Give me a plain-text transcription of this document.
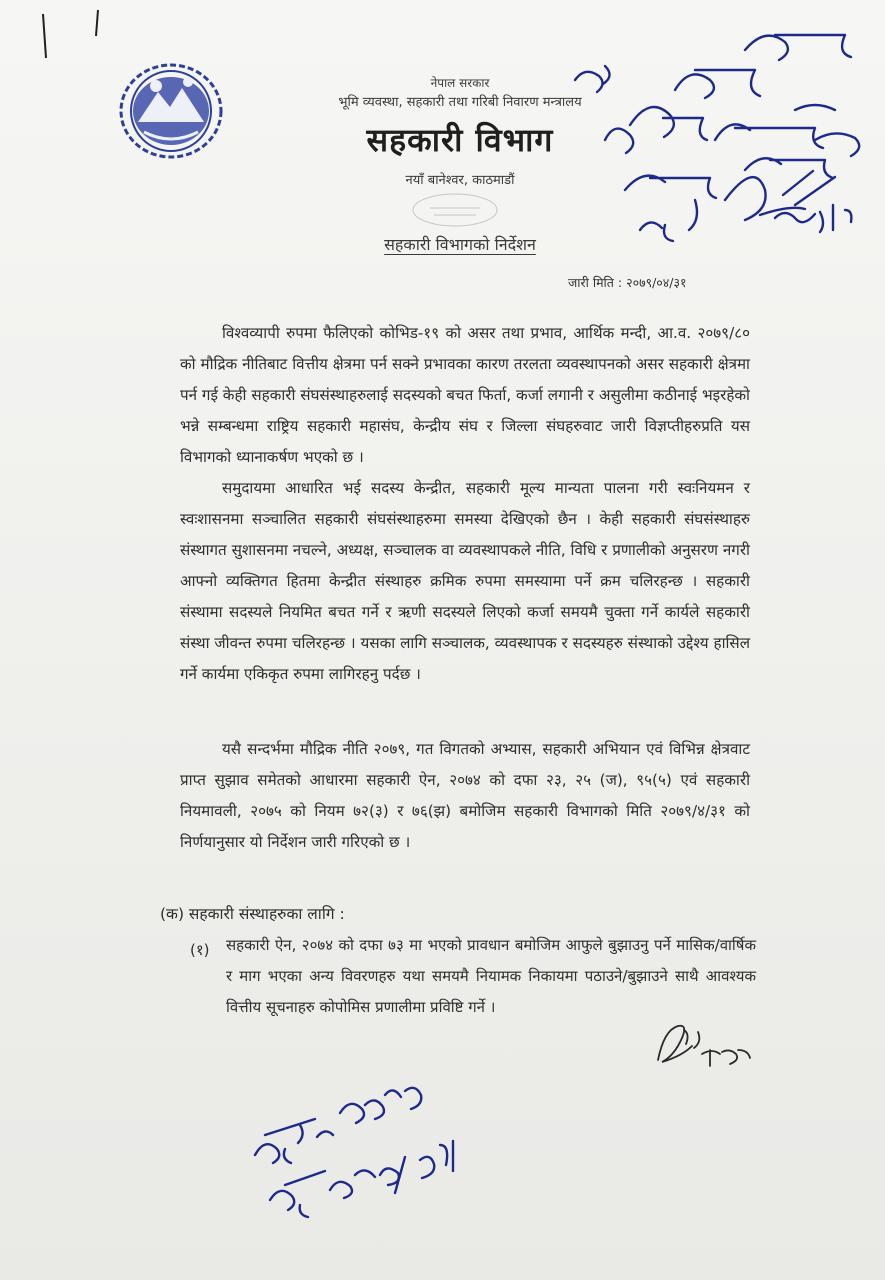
नेपाल सरकार
भूमि व्यवस्था, सहकारी तथा गरिबी निवारण मन्त्रालय
सहकारी विभाग
नयाँ बानेश्वर, काठमाडौं
सहकारी विभागको निर्देशन
जारी मिति : २०७९/०४/३१
विश्वव्यापी रुपमा फैलिएको कोभिड-१९ को असर तथा प्रभाव, आर्थिक मन्दी, आ.व. २०७९/८० को मौद्रिक नीतिबाट वित्तीय क्षेत्रमा पर्न सक्ने प्रभावका कारण तरलता व्यवस्थापनको असर सहकारी क्षेत्रमा पर्न गई केही सहकारी संघसंस्थाहरुलाई सदस्यको बचत फिर्ता, कर्जा लगानी र असुलीमा कठीनाई भइरहेको भन्ने सम्बन्धमा राष्ट्रिय सहकारी महासंघ, केन्द्रीय संघ र जिल्ला संघहरुवाट जारी विज्ञप्तीहरुप्रति यस विभागको ध्यानाकर्षण भएको छ ।
समुदायमा आधारित भई सदस्य केन्द्रीत, सहकारी मूल्य मान्यता पालना गरी स्वःनियमन र स्वःशासनमा सञ्चालित सहकारी संघसंस्थाहरुमा समस्या देखिएको छैन । केही सहकारी संघसंस्थाहरु संस्थागत सुशासनमा नचल्ने, अध्यक्ष, सञ्चालक वा व्यवस्थापकले नीति, विधि र प्रणालीको अनुसरण नगरी आफ्नो व्यक्तिगत हितमा केन्द्रीत संस्थाहरु क्रमिक रुपमा समस्यामा पर्ने क्रम चलिरहन्छ । सहकारी संस्थामा सदस्यले नियमित बचत गर्ने र ऋणी सदस्यले लिएको कर्जा समयमै चुक्ता गर्ने कार्यले सहकारी संस्था जीवन्त रुपमा चलिरहन्छ । यसका लागि सञ्चालक, व्यवस्थापक र सदस्यहरु संस्थाको उद्देश्य हासिल गर्ने कार्यमा एकिकृत रुपमा लागिरहनु पर्दछ ।
यसै सन्दर्भमा मौद्रिक नीति २०७९, गत विगतको अभ्यास, सहकारी अभियान एवं विभिन्न क्षेत्रवाट प्राप्त सुझाव समेतको आधारमा सहकारी ऐन, २०७४ को दफा २३, २५ (ज), ९५(५) एवं सहकारी नियमावली, २०७५ को नियम ७२(३) र ७६(झ) बमोजिम सहकारी विभागको मिति २०७९/४/३१ को निर्णयानुसार यो निर्देशन जारी गरिएको छ ।
(क) सहकारी संस्थाहरुका लागि :
(१) सहकारी ऐन, २०७४ को दफा ७३ मा भएको प्रावधान बमोजिम आफुले बुझाउनु पर्ने मासिक/वार्षिक र माग भएका अन्य विवरणहरु यथा समयमै नियामक निकायमा पठाउने/बुझाउने साथै आवश्यक वित्तीय सूचनाहरु कोपोमिस प्रणालीमा प्रविष्टि गर्ने ।
